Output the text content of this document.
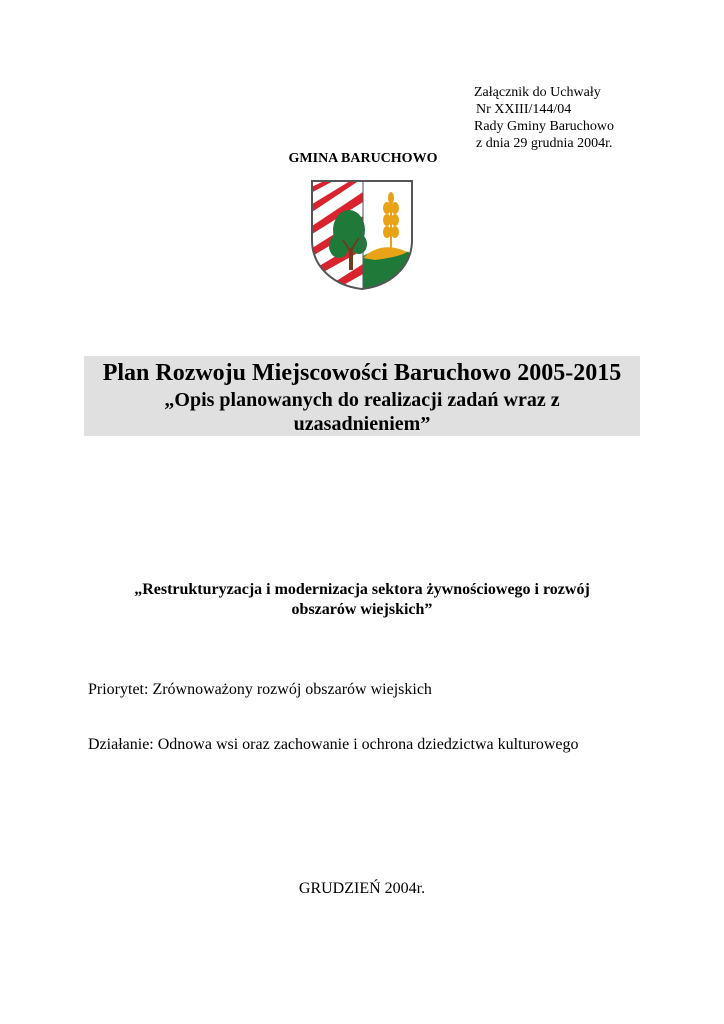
Załącznik do Uchwały
Nr XXIII/144/04
Rady Gminy Baruchowo
z dnia 29 grudnia 2004r.
GMINA BARUCHOWO
Plan Rozwoju Miejscowości Baruchowo 2005-2015
„Opis planowanych do realizacji zadań wraz z uzasadnieniem”
„Restrukturyzacja i modernizacja sektora żywnościowego i rozwój obszarów wiejskich”
Priorytet: Zrównoważony rozwój obszarów wiejskich
Działanie: Odnowa wsi oraz zachowanie i ochrona dziedzictwa kulturowego
GRUDZIEŃ 2004r.
